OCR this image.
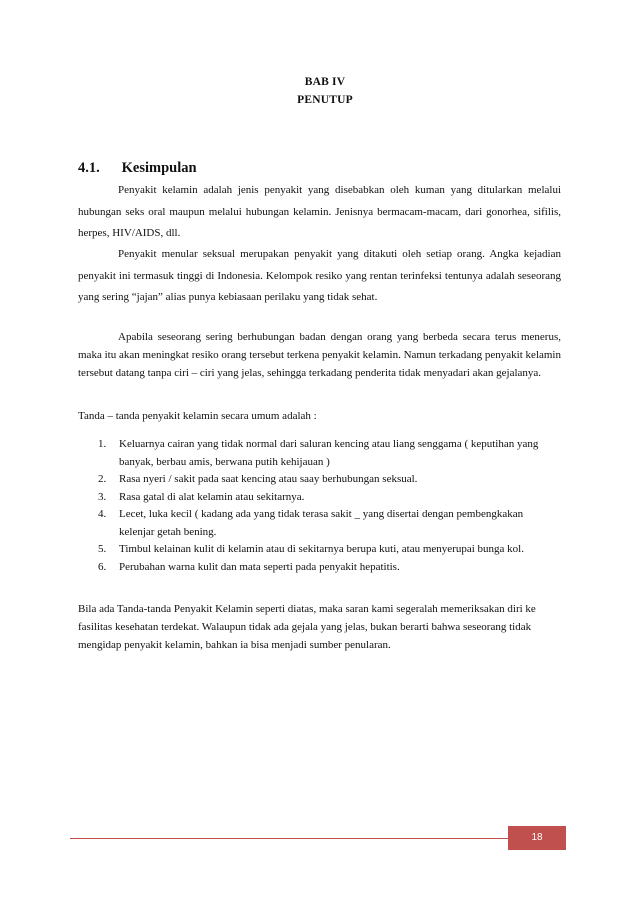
BAB IV
PENUTUP
4.1. Kesimpulan
Penyakit kelamin adalah jenis penyakit yang disebabkan oleh kuman yang ditularkan melalui hubungan seks oral maupun melalui hubungan kelamin. Jenisnya bermacam-macam, dari gonorhea, sifilis, herpes, HIV/AIDS, dll.
Penyakit menular seksual merupakan penyakit yang ditakuti oleh setiap orang. Angka kejadian penyakit ini termasuk tinggi di Indonesia. Kelompok resiko yang rentan terinfeksi tentunya adalah seseorang yang sering “jajan” alias punya kebiasaan perilaku yang tidak sehat.
Apabila seseorang sering berhubungan badan dengan orang yang berbeda secara terus menerus, maka itu akan meningkat resiko orang tersebut terkena penyakit kelamin. Namun terkadang penyakit kelamin tersebut datang tanpa ciri – ciri yang jelas, sehingga terkadang penderita tidak menyadari akan gejalanya.
Tanda – tanda penyakit kelamin secara umum adalah :
1. Keluarnya cairan yang tidak normal dari saluran kencing atau liang senggama ( keputihan yang banyak, berbau amis, berwana putih kehijauan )
2. Rasa nyeri / sakit pada saat kencing atau saay berhubungan seksual.
3. Rasa gatal di alat kelamin atau sekitarnya.
4. Lecet, luka kecil ( kadang ada yang tidak terasa sakit _ yang disertai dengan pembengkakan kelenjar getah bening.
5. Timbul kelainan kulit di kelamin atau di sekitarnya berupa kuti, atau menyerupai bunga kol.
6. Perubahan warna kulit dan mata seperti pada penyakit hepatitis.
Bila ada Tanda-tanda Penyakit Kelamin seperti diatas, maka saran kami segeralah memeriksakan diri ke fasilitas kesehatan terdekat. Walaupun tidak ada gejala yang jelas, bukan berarti bahwa seseorang tidak mengidap penyakit kelamin, bahkan ia bisa menjadi sumber penularan.
18
